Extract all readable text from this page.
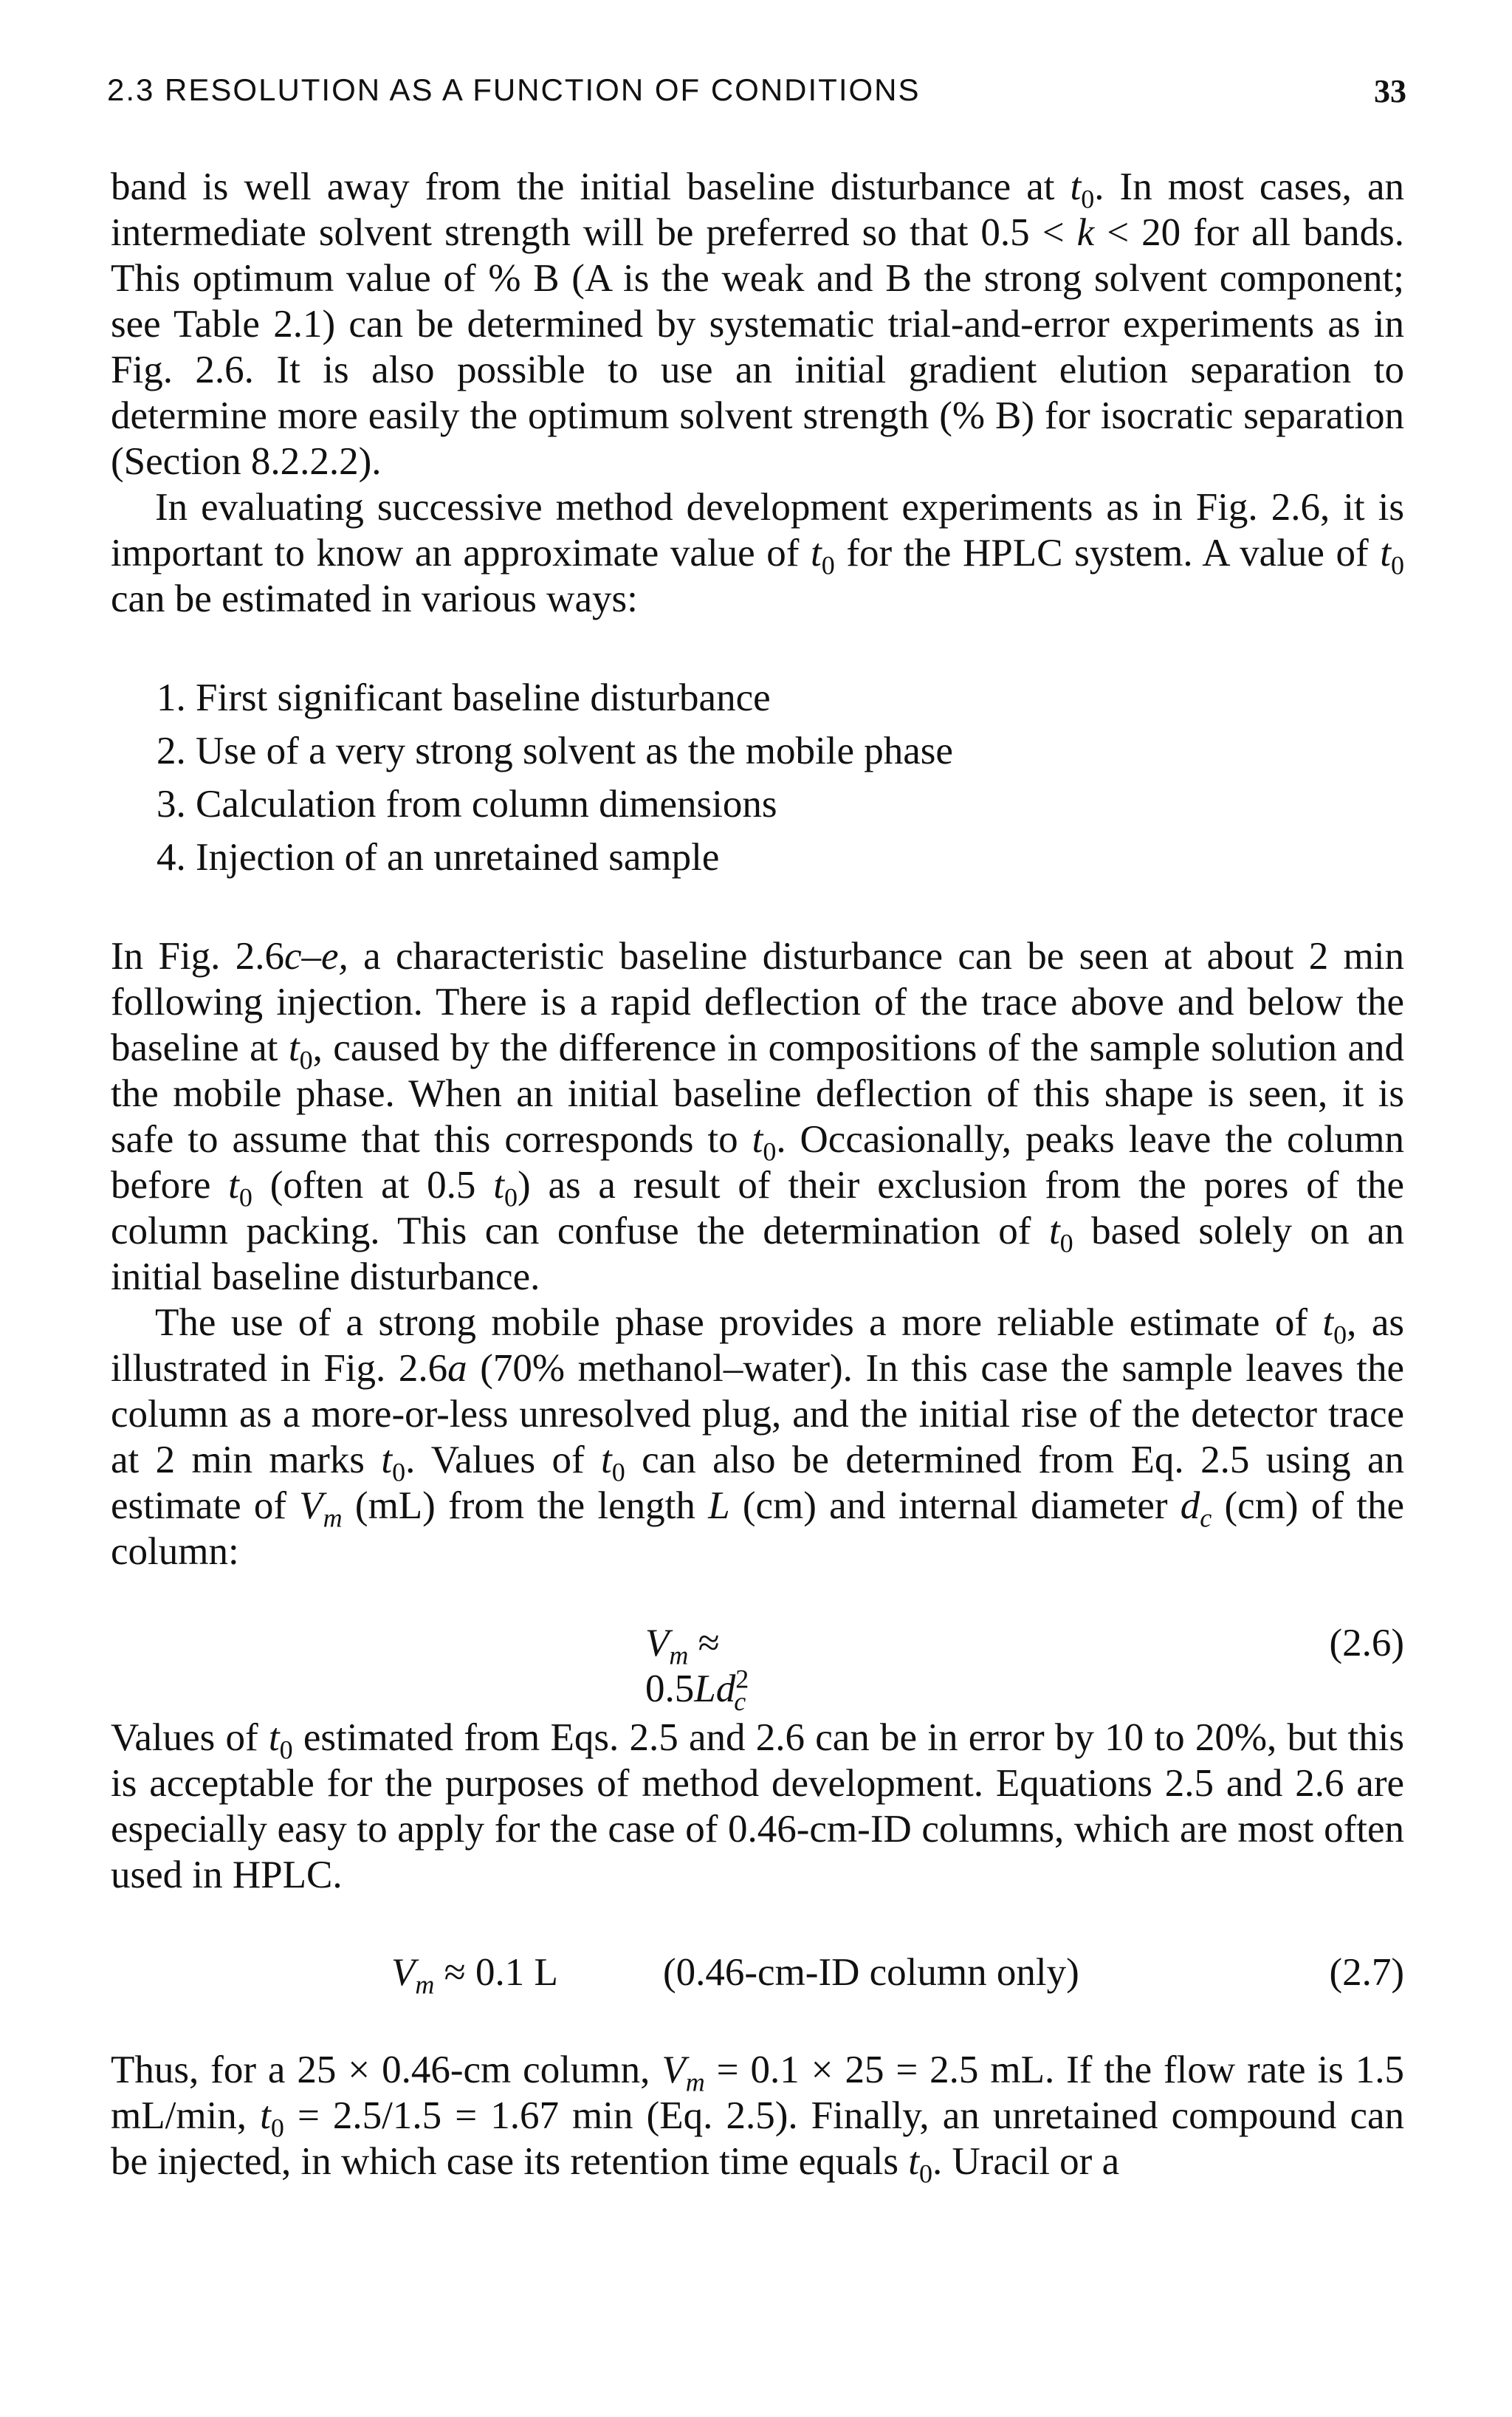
2.3 RESOLUTION AS A FUNCTION OF CONDITIONS	33

band is well away from the initial baseline disturbance at $t_0$. In most cases, an intermediate solvent strength will be preferred so that 0.5 < k < 20 for all bands. This optimum value of % B (A is the weak and B the strong solvent component; see Table 2.1) can be determined by systematic trial-and-error experiments as in Fig. 2.6. It is also possible to use an initial gradient elution separation to determine more easily the optimum solvent strength (% B) for isocratic separation (Section 8.2.2.2).

In evaluating successive method development experiments as in Fig. 2.6, it is important to know an approximate value of $t_0$ for the HPLC system. A value of $t_0$ can be estimated in various ways:

1. First significant baseline disturbance
2. Use of a very strong solvent as the mobile phase
3. Calculation from column dimensions
4. Injection of an unretained sample

In Fig. 2.6c–e, a characteristic baseline disturbance can be seen at about 2 min following injection. There is a rapid deflection of the trace above and below the baseline at $t_0$, caused by the difference in compositions of the sample solution and the mobile phase. When an initial baseline deflection of this shape is seen, it is safe to assume that this corresponds to $t_0$. Occasionally, peaks leave the column before $t_0$ (often at 0.5 $t_0$) as a result of their exclusion from the pores of the column packing. This can confuse the determination of $t_0$ based solely on an initial baseline disturbance.

The use of a strong mobile phase provides a more reliable estimate of $t_0$, as illustrated in Fig. 2.6a (70% methanol–water). In this case the sample leaves the column as a more-or-less unresolved plug, and the initial rise of the detector trace at 2 min marks $t_0$. Values of $t_0$ can also be determined from Eq. 2.5 using an estimate of $V_m$ (mL) from the length L (cm) and internal diameter $d_c$ (cm) of the column:

$V_m \approx 0.5Ld^2_c$
(2.6)

Values of $t_0$ estimated from Eqs. 2.5 and 2.6 can be in error by 10 to 20%, but this is acceptable for the purposes of method development. Equations 2.5 and 2.6 are especially easy to apply for the case of 0.46-cm-ID columns, which are most often used in HPLC.

$V_m \approx 0.1$ L	(0.46-cm-ID column only)	(2.7)

Thus, for a 25 × 0.46-cm column, $V_m = 0.1 \times 25 = 2.5$ mL. If the flow rate is 1.5 mL/min, $t_0 = 2.5/1.5 = 1.67$ min (Eq. 2.5). Finally, an unretained compound can be injected, in which case its retention time equals $t_0$. Uracil or a
